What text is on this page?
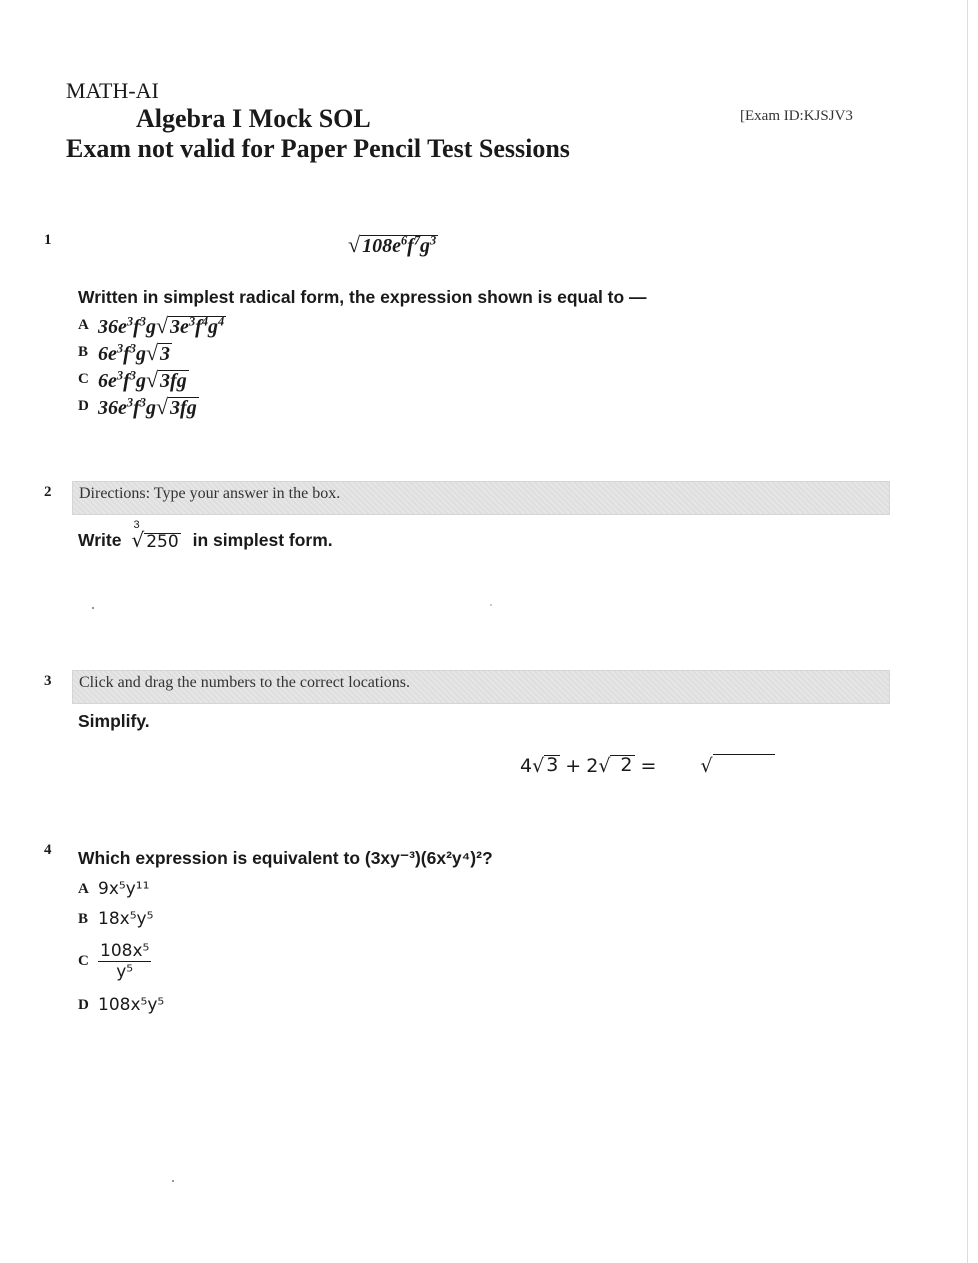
MATH-AI
Algebra I Mock SOL
Exam not valid for Paper Pencil Test Sessions
[Exam ID:KJSJV3
1	√ $108e^6f^7g^3$
Written in simplest radical form, the expression shown is equal to —
A $36e^3f^3g√$ $3e^3f^4g^4$
B $6e^3f^3g√$ 3
C $6e^3f^3g√$ 3fg
D $36e^3f^3g√$ 3fg
2	Directions: Type your answer in the box.
Write
3
√ 250 in simplest form.
3	Click and drag the numbers to the correct locations.
Simplify.
4 √ 3 + 2 √ 2 = √
4 Which expression is equivalent to (3xy⁻³)(6x²y⁴)²?
A 9x⁵y¹¹
B 18x⁵y⁵
C $\frac{\text{108x⁵}}{\text{y⁵}}$
D 108x⁵y⁵
